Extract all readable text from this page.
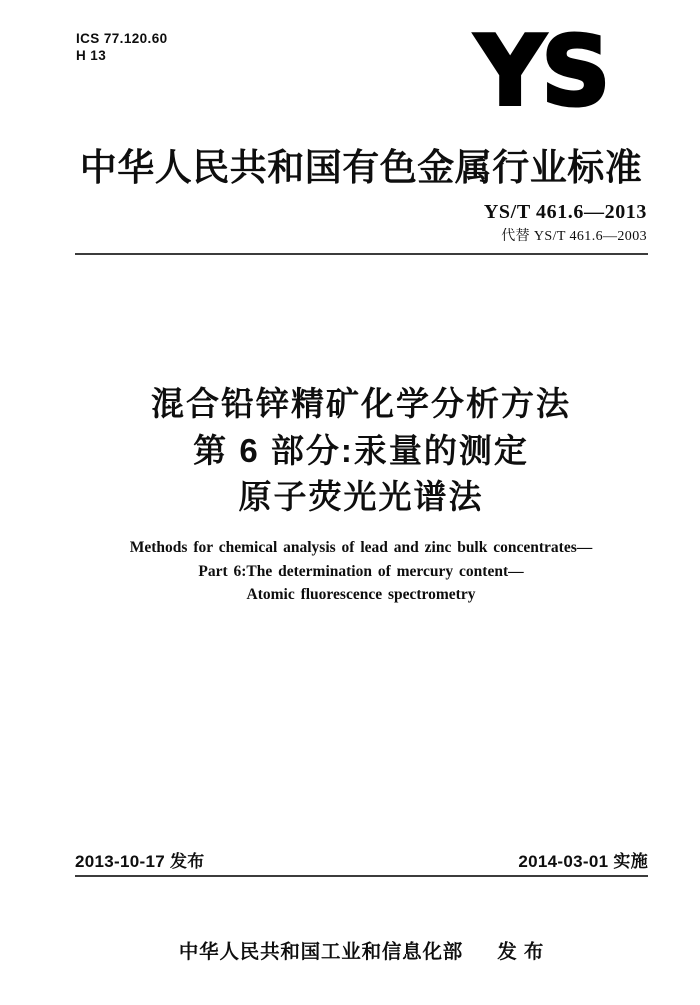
ICS 77.120.60
H 13	YS
中华人民共和国有色金属行业标准
YS/T 461.6—2013
代替 YS/T 461.6—2003
混合铅锌精矿化学分析方法
第 6 部分:汞量的测定
原子荧光光谱法
Methods for chemical analysis of lead and zinc bulk concentrates—
Part 6:The determination of mercury content—
Atomic fluorescence spectrometry
2013-10-17 发布	2014-03-01 实施
中华人民共和国工业和信息化部 发 布
